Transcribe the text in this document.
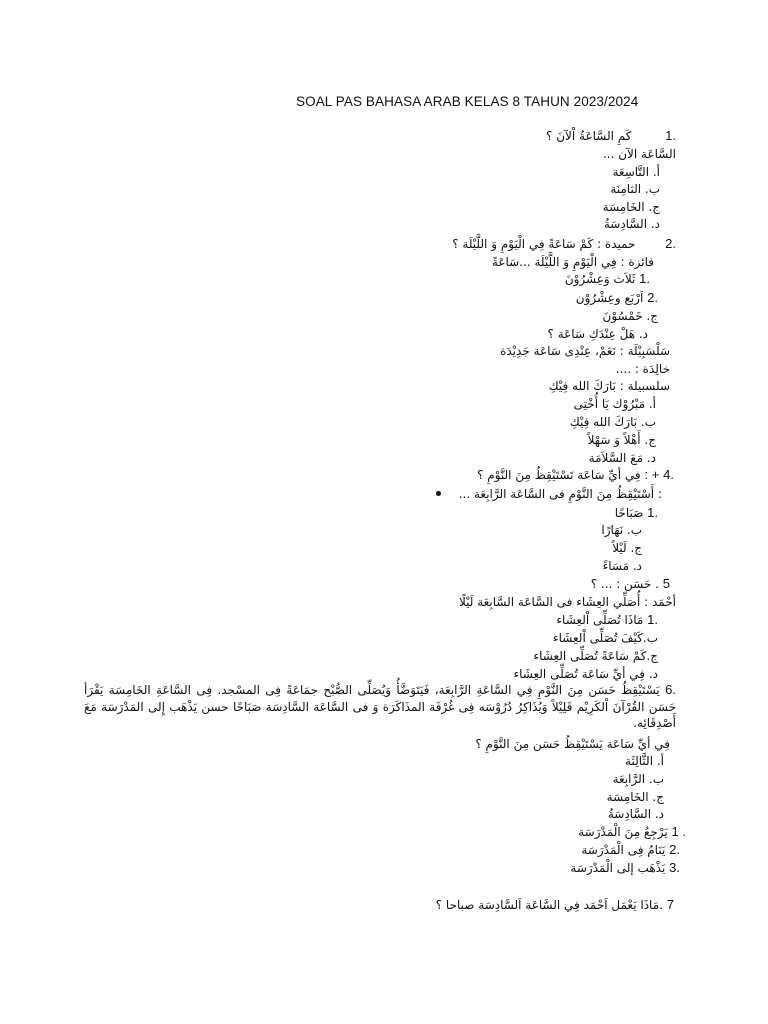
SOAL PAS BAHASA ARAB KELAS 8 TAHUN 2023/2024
.1  كَمِ السَّاعَةُ اْلآنَ ؟
السَّاعَة الآن ...
أ. التَّاسِعَة
ب. الثامِنَة
ج. الخَامِسَة
د. السَّادِسَةُ
.2  حميدة : كَمْ سَاعَةً فِي الْيَوْمِ وَ اللَّيْلَة ؟
فائزة : فِي الْيَوْمِ وَ اللَّيْلَة ...سَاعَةً
.1 ثَلاَث وَعِشْرُوْنَ
.2 اَرْبَع وعِشْرُوْن
ج. خَمْسُوْنَ
د. هَلْ عِنْدَكِ سَاعَة ؟
سَلْسَبِيْلَة : نَعَمْ، عِنْدِى سَاعَة جَدِيْدَة
خالِدَة : ....
سلسبيلة : بَارَكَ الله فِيْكِ
أ. مَبْرُوْك يَا أُخْتِى
ب. بَارَكَ الله فِيْكِ
ج. أَهْلاً وَ سَهْلاً
د. مَعَ السَّلاَمَة
.4 + : فِي أيِّ سَاعَة تَسْتَيْقِظُ مِنَ النَّوْمِ ؟
: أَسْتَيْقِظُ مِنَ النَّوْمِ فى السَّاعَة الرَّابِعَة ...
.1 صَبَاحًا
ب. نَهَارًا
ج. لَيْلاً
د. مَسَاءً
5 . حَسَن : ... ؟
أحْمَد : أُصَلِّي العِشَاء فى السَّاعَة السَّابِعَة لَيْلًا
.1 مَاذَا تُصَلِّى اْلعِشَاء
ب.كَيْفَ تُصَلِّى اْلعِشَاء
ج.كَمْ سَاعَةً تُصَلِّى العِشَاء
د. فِي أيِّ سَاعَة تُصَلِّى العِشَاء
.6 يَسْتَيْقِظُ حَسَن مِنَ النَّوْمِ فِي السَّاعَةِ الرَّابِعَة، فَيَتَوَضَّأُ وَيُصَلِّى الصُّبْح جمَاعَةً فِى المسْجد. فِى السَّاعَةِ الخَامِسَة يَقْرَأ حَسَن القُرْآنَ اْلكَرِيْم قَلِيْلاً وَيُذَاكِرُ دُرُوْسَه فِى غُرْفَة المذَاكَرَة وَ فى السَّاعَة السَّادِسَة صَبَاحًا حسن يَذْهَب إِلى المَدْرَسَة مَعَ أَصْدِقَائِه.
فِي أيِّ سَاعَة يَسْتَيْقِظُ حَسَن مِنَ النَّوْمِ ؟
أ. الثَّالِثَة
ب. الرَّابِعَة
ج. الخَامِسَة
د. السَّادِسَةُ
. 1 يَرْجِعُ مِنَ الْمَدْرَسَة
.2 يَنَامُ فِى الْمَدْرَسَة
.3 يَذْهَب إلى الْمَدْرَسَة
7 .مَاذَا يَعْمَل اَحْمَد فِي السَّاعَة اَلسَّادِسَة صباحا ؟
